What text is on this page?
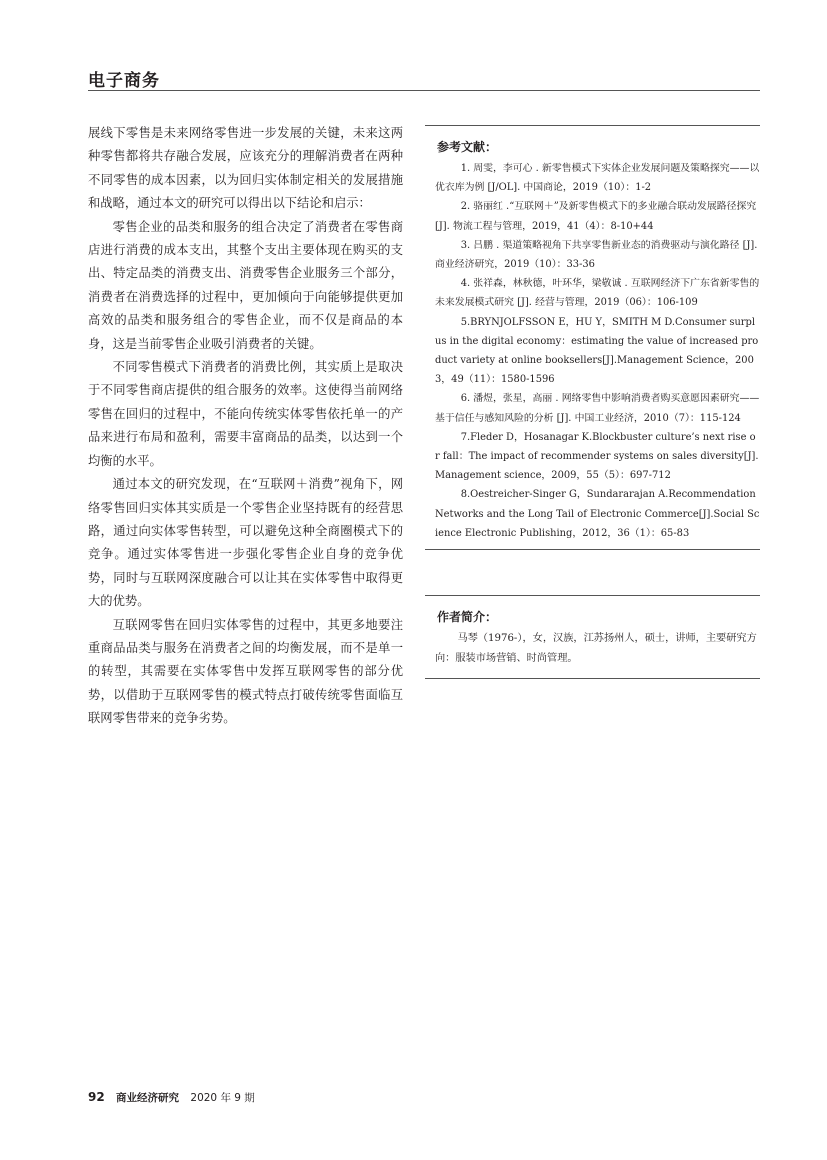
电子商务

展线下零售是未来网络零售进一步发展的关键，未来这两种零售都将共存融合发展，应该充分的理解消费者在两种不同零售的成本因素，以为回归实体制定相关的发展措施和战略，通过本文的研究可以得出以下结论和启示：

零售企业的品类和服务的组合决定了消费者在零售商店进行消费的成本支出，其整个支出主要体现在购买的支出、特定品类的消费支出、消费零售企业服务三个部分，消费者在消费选择的过程中，更加倾向于向能够提供更加高效的品类和服务组合的零售企业，而不仅是商品的本身，这是当前零售企业吸引消费者的关键。

不同零售模式下消费者的消费比例，其实质上是取决于不同零售商店提供的组合服务的效率。这使得当前网络零售在回归的过程中，不能向传统实体零售依托单一的产品来进行布局和盈利，需要丰富商品的品类，以达到一个均衡的水平。

通过本文的研究发现，在“互联网＋消费”视角下，网络零售回归实体其实质是一个零售企业坚持既有的经营思路，通过向实体零售转型，可以避免这种全商圈模式下的竞争。通过实体零售进一步强化零售企业自身的竞争优势，同时与互联网深度融合可以让其在实体零售中取得更大的优势。

互联网零售在回归实体零售的过程中，其更多地要注重商品品类与服务在消费者之间的均衡发展，而不是单一的转型，其需要在实体零售中发挥互联网零售的部分优势，以借助于互联网零售的模式特点打破传统零售面临互联网零售带来的竞争劣势。

参考文献：
1. 周雯，李可心 . 新零售模式下实体企业发展问题及策略探究——以优衣库为例 [J/OL]. 中国商论，2019（10）：1-2
2. 骆丽红 .“互联网＋”及新零售模式下的多业融合联动发展路径探究 [J]. 物流工程与管理，2019，41（4）：8-10+44
3. 吕鹏 . 渠道策略视角下共享零售新业态的消费驱动与演化路径 [J]. 商业经济研究，2019（10）：33-36
4. 张祥森，林秋德，叶环华，梁敬诚 . 互联网经济下广东省新零售的未来发展模式研究 [J]. 经营与管理，2019（06）：106-109
5.BRYNJOLFSSON E，HU Y，SMITH M D.Consumer surplus in the digital economy：estimating the value of increased product variety at online booksellers[J].Management Science，2003，49（11）：1580-1596
6. 潘煜，张星，高丽 . 网络零售中影响消费者购买意愿因素研究——基于信任与感知风险的分析 [J]. 中国工业经济，2010（7）：115-124
7.Fleder D，Hosanagar K.Blockbuster culture’s next rise or fall：The impact of recommender systems on sales diversity[J]. Management science，2009，55（5）：697-712
8.Oestreicher-Singer G，Sundararajan A.Recommendation Networks and the Long Tail of Electronic Commerce[J].Social Science Electronic Publishing，2012，36（1）：65-83
作者简介：
马琴（1976-），女，汉族，江苏扬州人，硕士，讲师，主要研究方向：服装市场营销、时尚管理。
92 商业经济研究 2020 年 9 期
